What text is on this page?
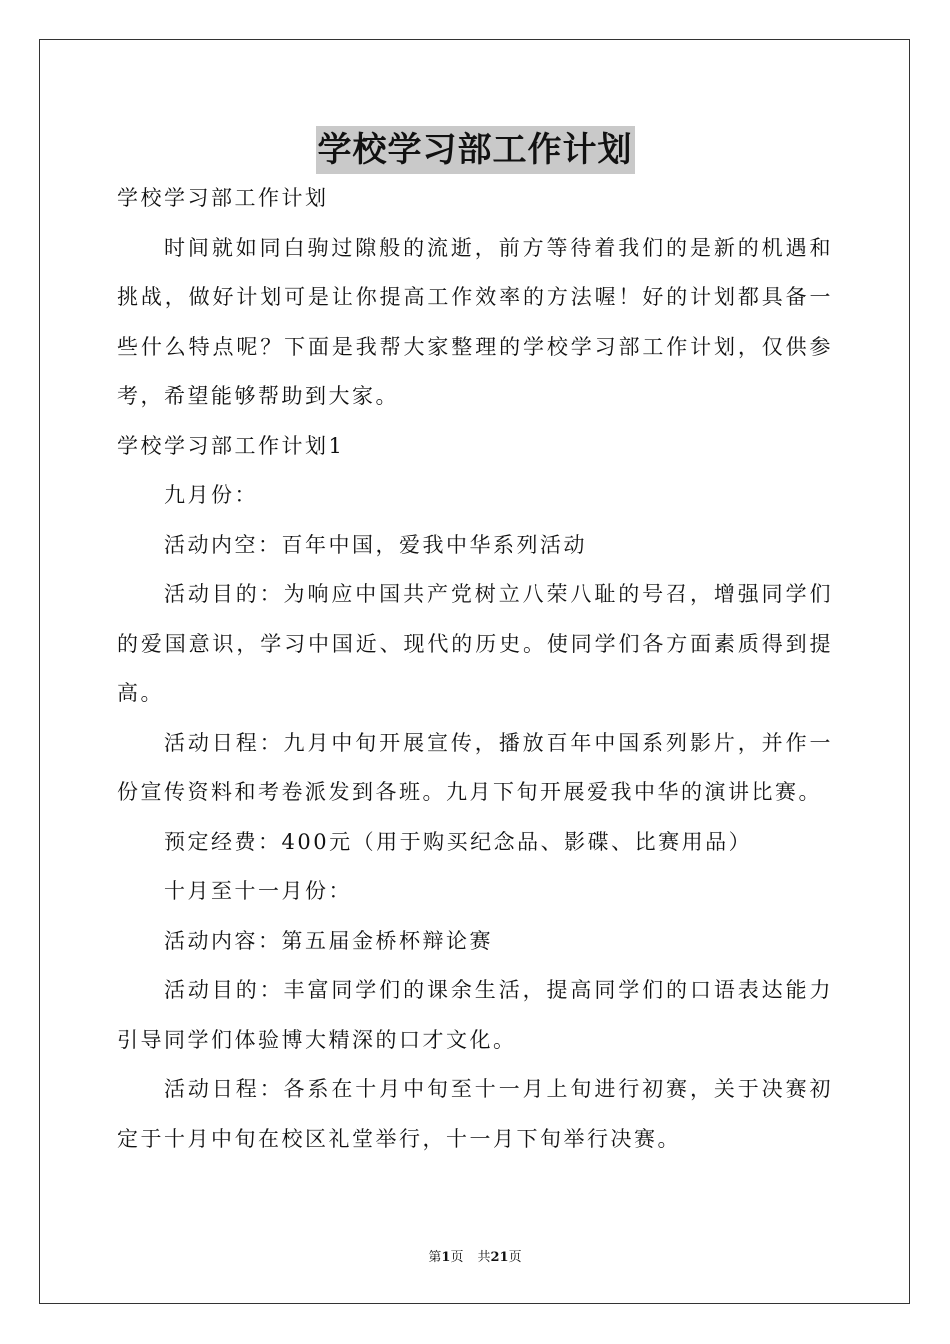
学校学习部工作计划

学校学习部工作计划

时间就如同白驹过隙般的流逝，前方等待着我们的是新的机遇和挑战，做好计划可是让你提高工作效率的方法喔！好的计划都具备一些什么特点呢？下面是我帮大家整理的学校学习部工作计划，仅供参考，希望能够帮助到大家。

学校学习部工作计划1

九月份：

活动内空：百年中国，爱我中华系列活动

活动目的：为响应中国共产党树立八荣八耻的号召，增强同学们的爱国意识，学习中国近、现代的历史。使同学们各方面素质得到提高。

活动日程：九月中旬开展宣传，播放百年中国系列影片，并作一份宣传资料和考卷派发到各班。九月下旬开展爱我中华的演讲比赛。

预定经费：400元（用于购买纪念品、影碟、比赛用品）

十月至十一月份：

活动内容：第五届金桥杯辩论赛

活动目的：丰富同学们的课余生活，提高同学们的口语表达能力引导同学们体验博大精深的口才文化。

活动日程：各系在十月中旬至十一月上旬进行初赛，关于决赛初定于十月中旬在校区礼堂举行，十一月下旬举行决赛。

第1页 共21页
